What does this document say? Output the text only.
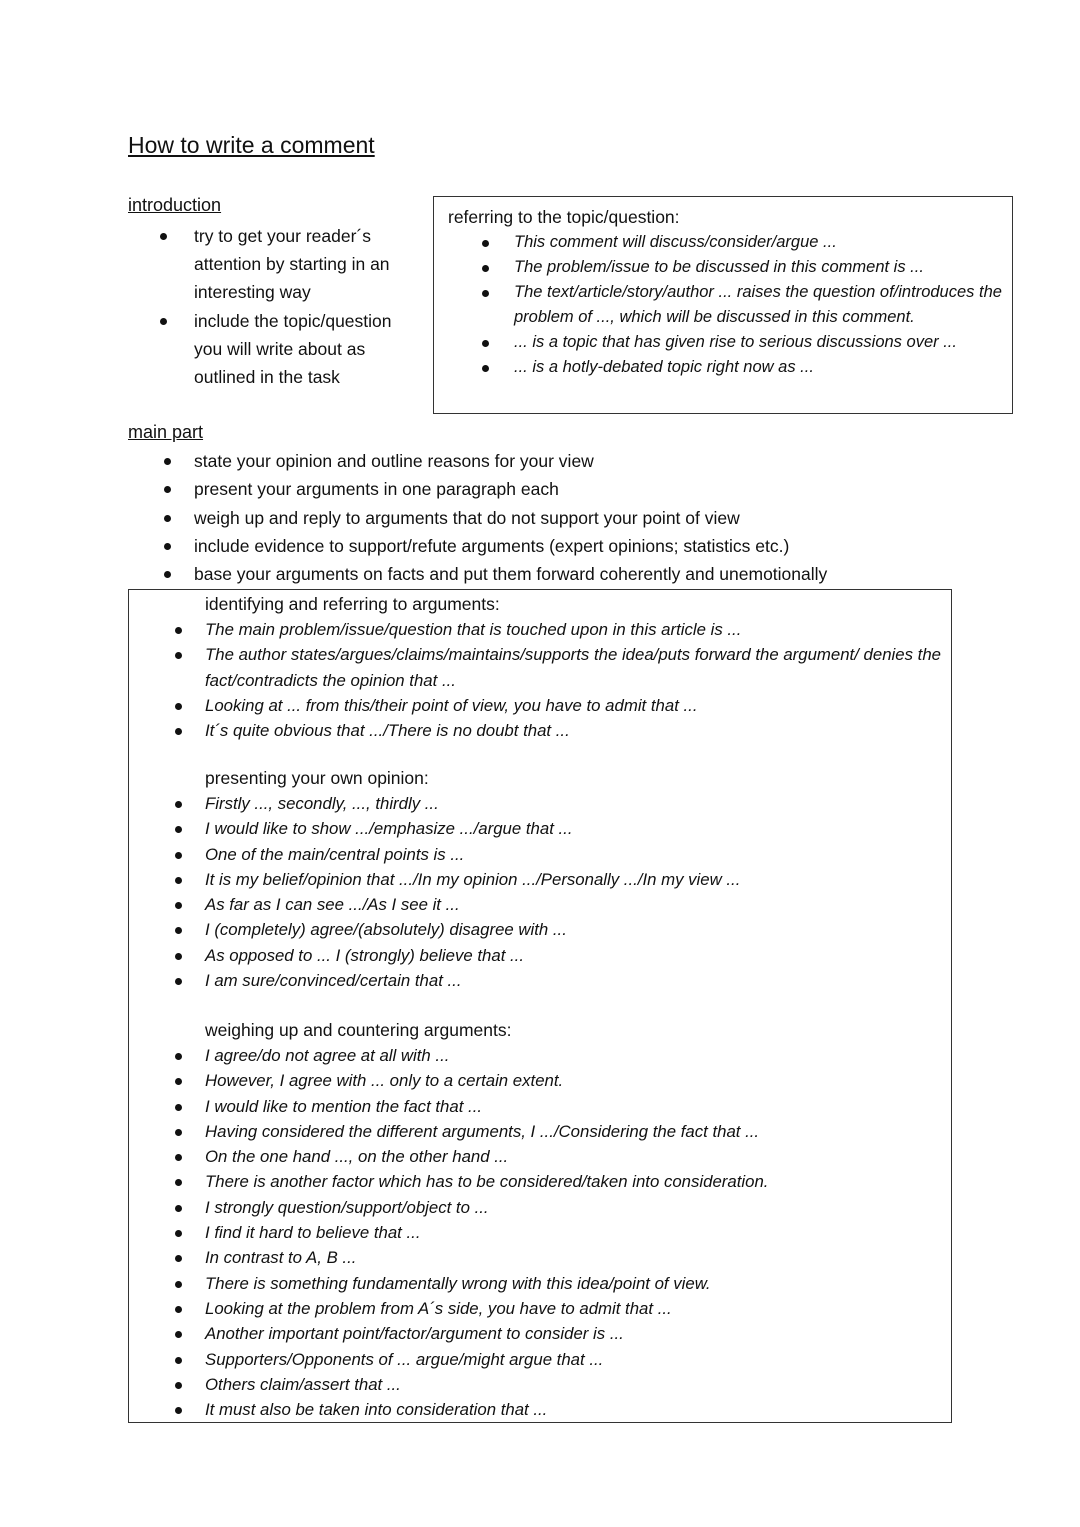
How to write a comment
introduction
try to get your reader´s attention by starting in an interesting way
include the topic/question you will write about as outlined in the task
referring to the topic/question:
This comment will discuss/consider/argue ...
The problem/issue to be discussed in this comment is ...
The text/article/story/author ... raises the question of/introduces the problem of ..., which will be discussed in this comment.
... is a topic that has given rise to serious discussions over ...
... is a hotly-debated topic right now as ...
main part
state your opinion and outline reasons for your view
present your arguments in one paragraph each
weigh up and reply to arguments that do not support your point of view
include evidence to support/refute arguments (expert opinions; statistics etc.)
base your arguments on facts and put them forward coherently and unemotionally
identifying and referring to arguments:
The main problem/issue/question that is touched upon in this article is ...
The author states/argues/claims/maintains/supports the idea/puts forward the argument/ denies the fact/contradicts the opinion that ...
Looking at ... from this/their point of view, you have to admit that ...
It´s quite obvious that .../There is no doubt that ...
presenting your own opinion:
Firstly ..., secondly, ..., thirdly ...
I would like to show .../emphasize .../argue that ...
One of the main/central points is ...
It is my belief/opinion that .../In my opinion .../Personally .../In my view ...
As far as I can see .../As I see it ...
I (completely) agree/(absolutely) disagree with ...
As opposed to ... I (strongly) believe that ...
I am sure/convinced/certain that ...
weighing up and countering arguments:
I agree/do not agree at all with ...
However, I agree with ... only to a certain extent.
I would like to mention the fact that ...
Having considered the different arguments, I .../Considering the fact that ...
On the one hand ..., on the other hand ...
There is another factor which has to be considered/taken into consideration.
I strongly question/support/object to ...
I find it hard to believe that ...
In contrast to A, B ...
There is something fundamentally wrong with this idea/point of view.
Looking at the problem from A´s side, you have to admit that ...
Another important point/factor/argument to consider is ...
Supporters/Opponents of ... argue/might argue that ...
Others claim/assert that ...
It must also be taken into consideration that ...
